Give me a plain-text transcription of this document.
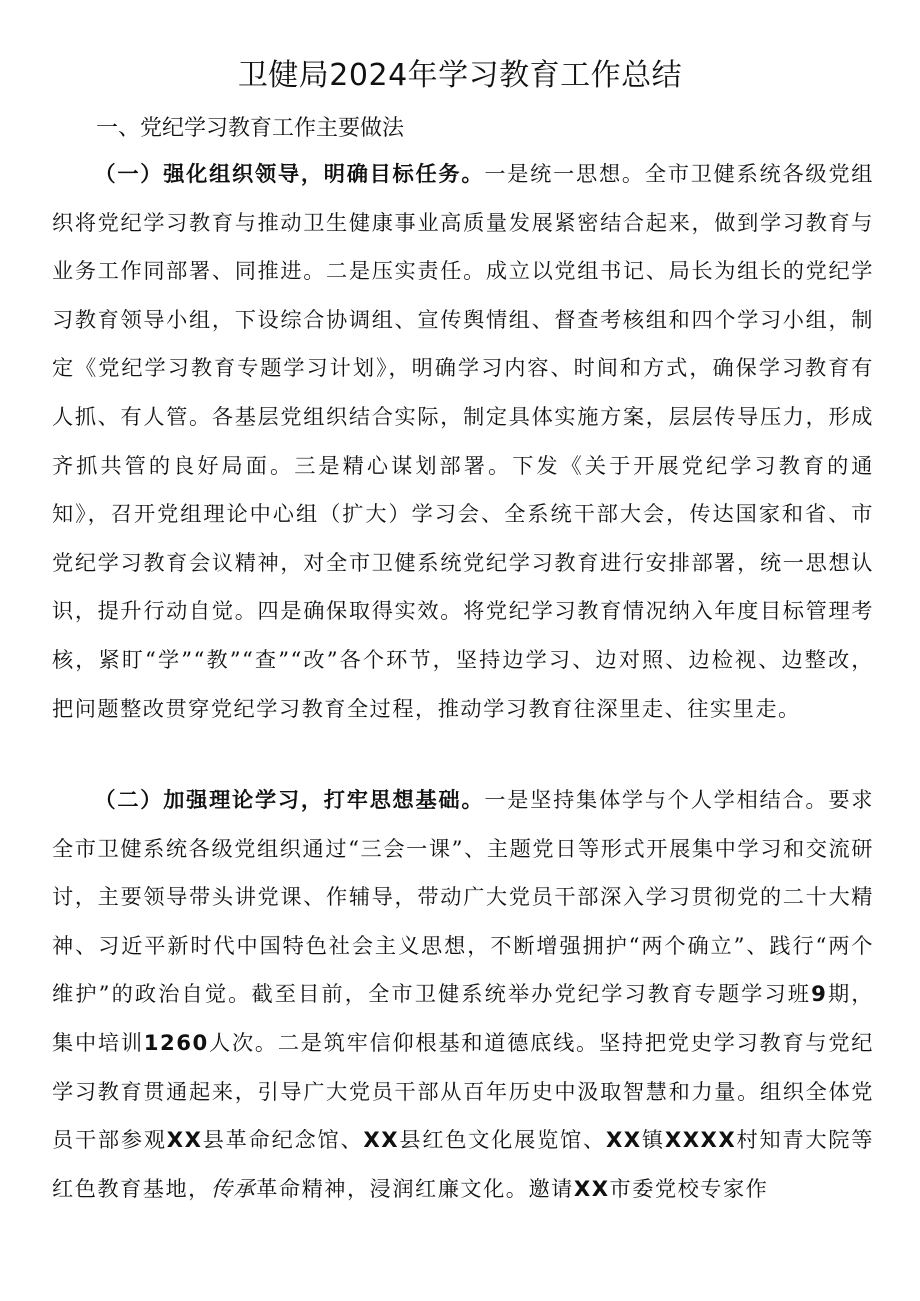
卫健局2024年学习教育工作总结
一、党纪学习教育工作主要做法

（一）强化组织领导，明确目标任务。一是统一思想。全市卫健系统各级党组织将党纪学习教育与推动卫生健康事业高质量发展紧密结合起来，做到学习教育与业务工作同部署、同推进。二是压实责任。成立以党组书记、局长为组长的党纪学习教育领导小组，下设综合协调组、宣传舆情组、督查考核组和四个学习小组，制定《党纪学习教育专题学习计划》，明确学习内容、时间和方式，确保学习教育有人抓、有人管。各基层党组织结合实际，制定具体实施方案，层层传导压力，形成齐抓共管的良好局面。三是精心谋划部署。下发《关于开展党纪学习教育的通知》，召开党组理论中心组（扩大）学习会、全系统干部大会，传达国家和省、市党纪学习教育会议精神，对全市卫健系统党纪学习教育进行安排部署，统一思想认识，提升行动自觉。四是确保取得实效。将党纪学习教育情况纳入年度目标管理考核，紧盯“学”“教”“查”“改”各个环节，坚持边学习、边对照、边检视、边整改，把问题整改贯穿党纪学习教育全过程，推动学习教育往深里走、往实里走。

（二）加强理论学习，打牢思想基础。一是坚持集体学与个人学相结合。要求全市卫健系统各级党组织通过“三会一课”、主题党日等形式开展集中学习和交流研讨，主要领导带头讲党课、作辅导，带动广大党员干部深入学习贯彻党的二十大精神、习近平新时代中国特色社会主义思想，不断增强拥护“两个确立”、践行“两个维护”的政治自觉。截至目前，全市卫健系统举办党纪学习教育专题学习班9期，集中培训1260人次。二是筑牢信仰根基和道德底线。坚持把党史学习教育与党纪学习教育贯通起来，引导广大党员干部从百年历史中汲取智慧和力量。组织全体党员干部参观XX县革命纪念馆、XX县红色文化展览馆、XX镇XXXX村知青大院等红色教育基地，传承革命精神，浸润红廉文化。邀请XX市委党校专家作
